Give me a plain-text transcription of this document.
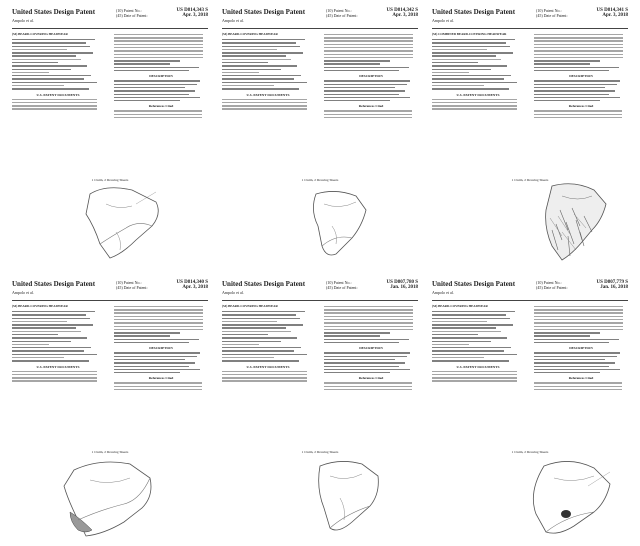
United States Design Patent
Ampolo et al.
(10) Patent No.:	US D814,343 S
(45) Date of Patent:	Apr. 3, 2018
(54) BEARD-COVERING HEADWEAR
U.S. PATENT DOCUMENTS
DESCRIPTION
References Cited
1 Claim, 2 Drawing Sheets
United States Design Patent
Ampolo et al.
(10) Patent No.:	US D814,342 S
(45) Date of Patent:	Apr. 3, 2018
(54) BEARD-COVERING HEADWEAR
U.S. PATENT DOCUMENTS
DESCRIPTION
References Cited
1 Claim, 2 Drawing Sheets
United States Design Patent
Ampolo et al.
(10) Patent No.:	US D814,341 S
(45) Date of Patent:	Apr. 3, 2018
(54) COMBINED BEARD-COVERING HEADWEAR
U.S. PATENT DOCUMENTS
DESCRIPTION
References Cited
1 Claim, 2 Drawing Sheets
United States Design Patent
Ampolo et al.
(10) Patent No.:	US D814,340 S
(45) Date of Patent:	Apr. 3, 2018
(54) BEARD-COVERING HEADWEAR
U.S. PATENT DOCUMENTS
DESCRIPTION
References Cited
1 Claim, 2 Drawing Sheets
United States Design Patent
Ampolo et al.
(10) Patent No.:	US D807,780 S
(45) Date of Patent:	Jan. 16, 2018
(54) BEARD-COVERING HEADWEAR
U.S. PATENT DOCUMENTS
DESCRIPTION
References Cited
1 Claim, 2 Drawing Sheets
United States Design Patent
Ampolo et al.
(10) Patent No.:	US D807,779 S
(45) Date of Patent:	Jan. 16, 2018
(54) BEARD-COVERING HEADWEAR
U.S. PATENT DOCUMENTS
DESCRIPTION
References Cited
1 Claim, 2 Drawing Sheets
